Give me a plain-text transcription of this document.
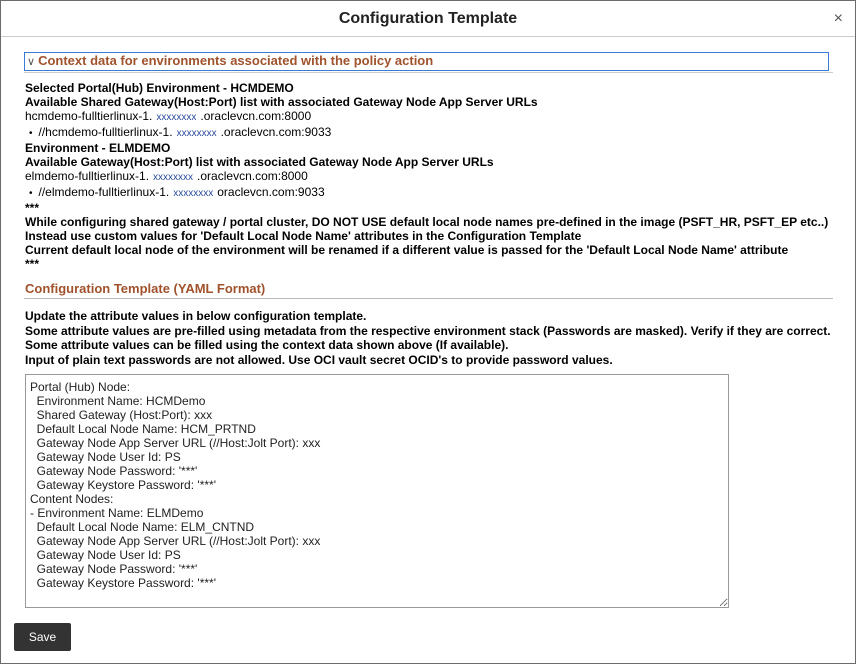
Configuration Template	×
∨ Context data for environments associated with the policy action
Selected Portal(Hub) Environment - HCMDEMO
Available Shared Gateway(Host:Port) list with associated Gateway Node App Server URLs
hcmdemo-fulltierlinux-1. xxxxxxxx .oraclevcn.com:8000
• //hcmdemo-fulltierlinux-1. xxxxxxxx .oraclevcn.com:9033
Environment - ELMDEMO
Available Gateway(Host:Port) list with associated Gateway Node App Server URLs
elmdemo-fulltierlinux-1. xxxxxxxx .oraclevcn.com:8000
• //elmdemo-fulltierlinux-1. xxxxxxxx oraclevcn.com:9033
***
While configuring shared gateway / portal cluster, DO NOT USE default local node names pre-defined in the image (PSFT_HR, PSFT_EP etc..)
Instead use custom values for 'Default Local Node Name' attributes in the Configuration Template
Current default local node of the environment will be renamed if a different value is passed for the 'Default Local Node Name' attribute
***
Configuration Template (YAML Format)
Update the attribute values in below configuration template.
Some attribute values are pre-filled using metadata from the respective environment stack (Passwords are masked). Verify if they are correct.
Some attribute values can be filled using the context data shown above (If available).
Input of plain text passwords are not allowed. Use OCI vault secret OCID's to provide password values.
Portal (Hub) Node: Environment Name: HCMDemo Shared Gateway (Host:Port): xxx Default Local Node Name: HCM_PRTND Gateway Node App Server URL (//Host:Jolt Port): xxx Gateway Node User Id: PS Gateway Node Password: '***' Gateway Keystore Password: '***' Content Nodes: - Environment Name: ELMDemo Default Local Node Name: ELM_CNTND Gateway Node App Server URL (//Host:Jolt Port): xxx Gateway Node User Id: PS Gateway Node Password: '***' Gateway Keystore Password: '***'
Save
